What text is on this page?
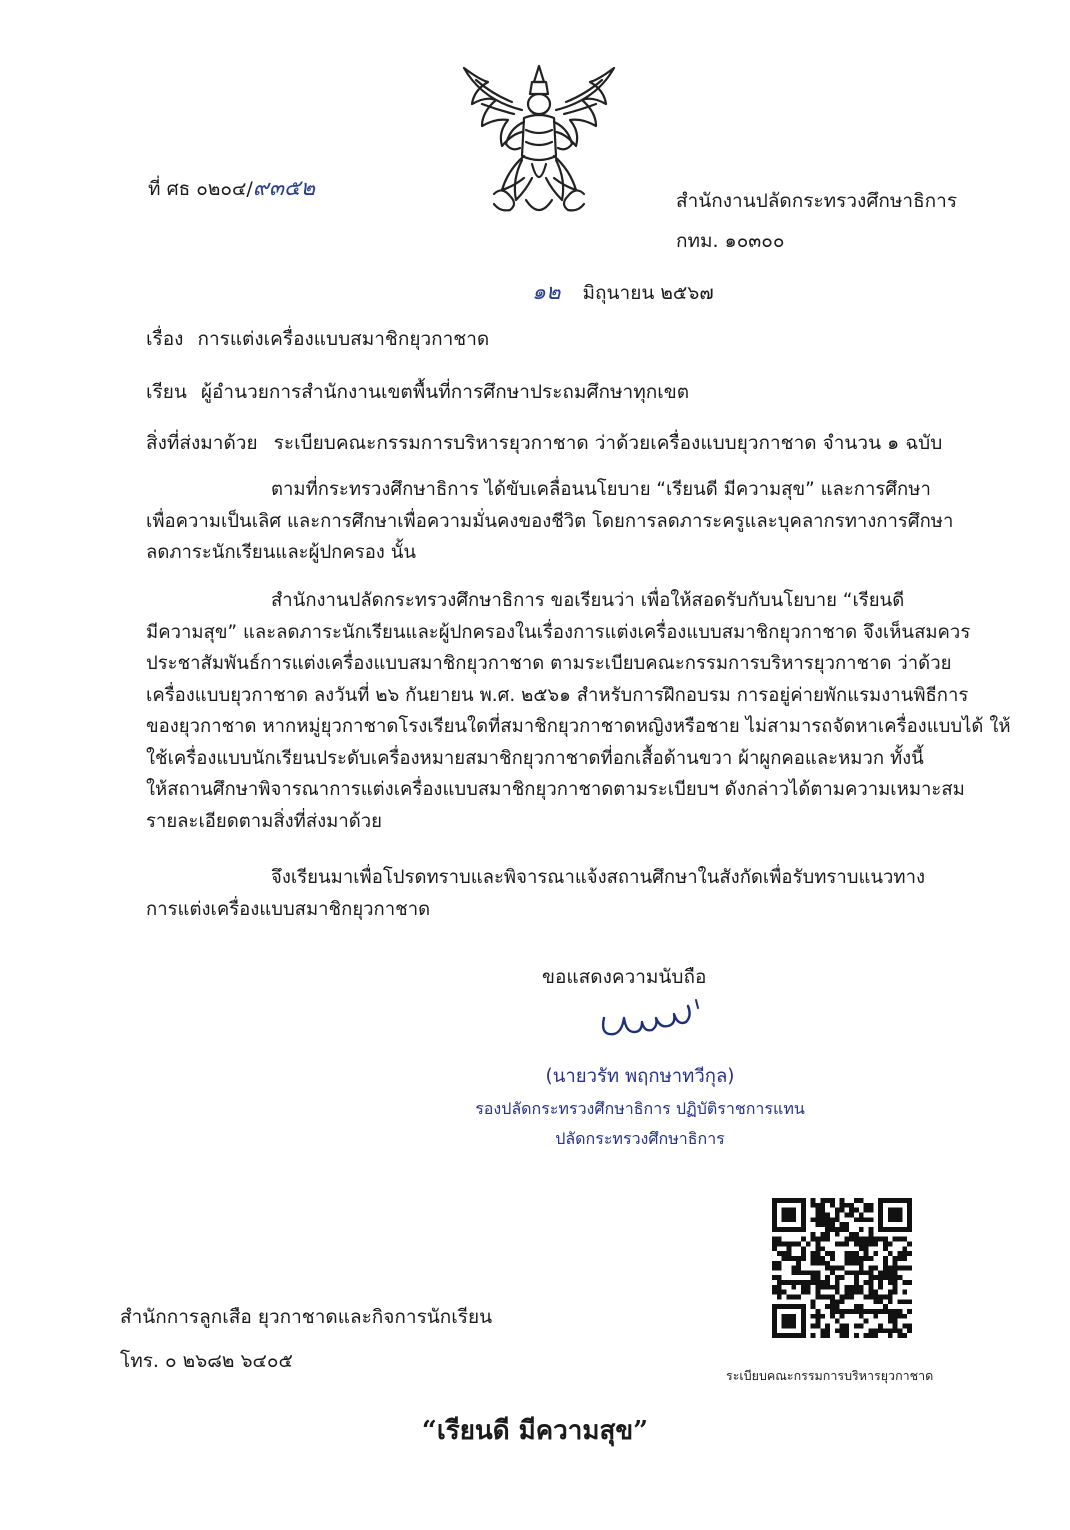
ที่ ศธ ๐๒๐๔/๙๓๕๒	สำนักงานปลัดกระทรวงศึกษาธิการ
กทม. ๑๐๓๐๐
๑๒ มิถุนายน ๒๕๖๗
เรื่อง การแต่งเครื่องแบบสมาชิกยุวกาชาด
เรียน ผู้อำนวยการสำนักงานเขตพื้นที่การศึกษาประถมศึกษาทุกเขต
สิ่งที่ส่งมาด้วย ระเบียบคณะกรรมการบริหารยุวกาชาด ว่าด้วยเครื่องแบบยุวกาชาด จำนวน ๑ ฉบับ
ตามที่กระทรวงศึกษาธิการ ได้ขับเคลื่อนนโยบาย “เรียนดี มีความสุข” และการศึกษา
เพื่อความเป็นเลิศ และการศึกษาเพื่อความมั่นคงของชีวิต โดยการลดภาระครูและบุคลากรทางการศึกษา
ลดภาระนักเรียนและผู้ปกครอง นั้น
สำนักงานปลัดกระทรวงศึกษาธิการ ขอเรียนว่า เพื่อให้สอดรับกับนโยบาย “เรียนดี
มีความสุข” และลดภาระนักเรียนและผู้ปกครองในเรื่องการแต่งเครื่องแบบสมาชิกยุวกาชาด จึงเห็นสมควร
ประชาสัมพันธ์การแต่งเครื่องแบบสมาชิกยุวกาชาด ตามระเบียบคณะกรรมการบริหารยุวกาชาด ว่าด้วย
เครื่องแบบยุวกาชาด ลงวันที่ ๒๖ กันยายน พ.ศ. ๒๕๖๑ สำหรับการฝึกอบรม การอยู่ค่ายพักแรมงานพิธีการ
ของยุวกาชาด หากหมู่ยุวกาชาดโรงเรียนใดที่สมาชิกยุวกาชาดหญิงหรือชาย ไม่สามารถจัดหาเครื่องแบบได้ ให้
ใช้เครื่องแบบนักเรียนประดับเครื่องหมายสมาชิกยุวกาชาดที่อกเสื้อด้านขวา ผ้าผูกคอและหมวก ทั้งนี้
ให้สถานศึกษาพิจารณาการแต่งเครื่องแบบสมาชิกยุวกาชาดตามระเบียบฯ ดังกล่าวได้ตามความเหมาะสม
รายละเอียดตามสิ่งที่ส่งมาด้วย
จึงเรียนมาเพื่อโปรดทราบและพิจารณาแจ้งสถานศึกษาในสังกัดเพื่อรับทราบแนวทาง
การแต่งเครื่องแบบสมาชิกยุวกาชาด
ขอแสดงความนับถือ
(นายวรัท พฤกษาทวีกุล)
รองปลัดกระทรวงศึกษาธิการ ปฏิบัติราชการแทน
ปลัดกระทรวงศึกษาธิการ
ระเบียบคณะกรรมการบริหารยุวกาชาด
สำนักการลูกเสือ ยุวกาชาดและกิจการนักเรียน
โทร. ๐ ๒๖๘๒ ๖๔๐๕
“เรียนดี มีความสุข”
